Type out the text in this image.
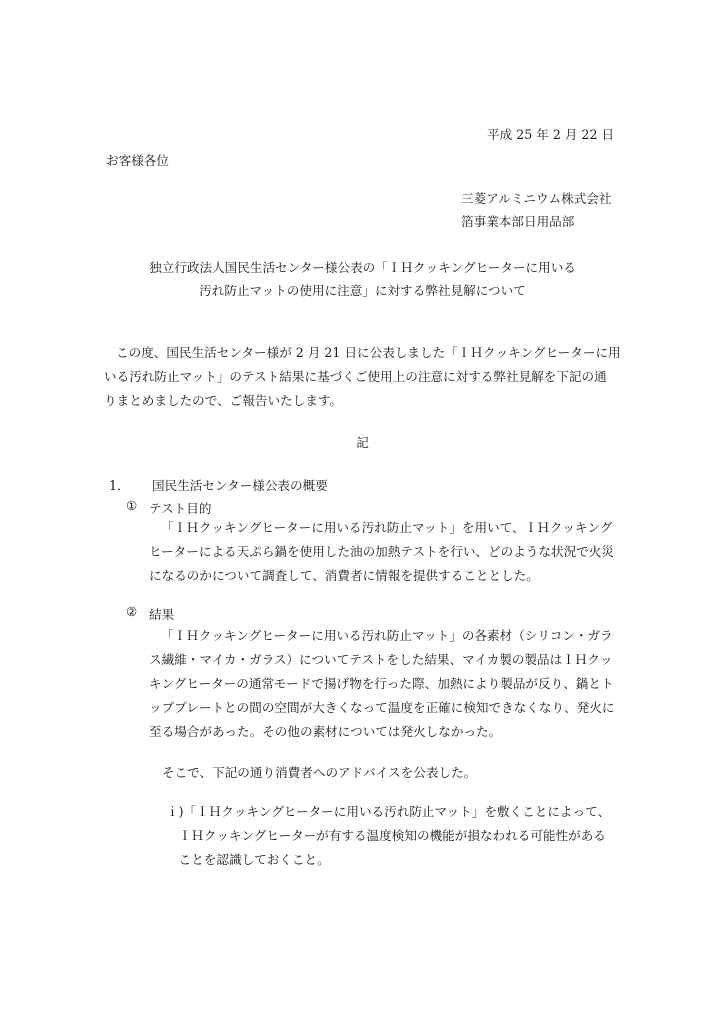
平成 25 年 2 月 22 日
お客様各位
三菱アルミニウム株式会社
箔事業本部日用品部
独立行政法人国民生活センター様公表の「ＩＨクッキングヒーターに用いる
汚れ防止マットの使用に注意」に対する弊社見解について
この度、国民生活センター様が 2 月 21 日に公表しました「ＩＨクッキングヒーターに用
いる汚れ防止マット」のテスト結果に基づくご使用上の注意に対する弊社見解を下記の通
りまとめましたので、ご報告いたします。
記
1． 国民生活センター様公表の概要
① テスト目的
「ＩＨクッキングヒーターに用いる汚れ防止マット」を用いて、ＩＨクッキング
ヒーターによる天ぷら鍋を使用した油の加熱テストを行い、どのような状況で火災
になるのかについて調査して、消費者に情報を提供することとした。
② 結果
「ＩＨクッキングヒーターに用いる汚れ防止マット」の各素材（シリコン・ガラ
ス繊維・マイカ・ガラス）についてテストをした結果、マイカ製の製品はＩＨクッ
キングヒーターの通常モードで揚げ物を行った際、加熱により製品が反り、鍋とト
ッププレートとの間の空間が大きくなって温度を正確に検知できなくなり、発火に
至る場合があった。その他の素材については発火しなかった。
そこで、下記の通り消費者へのアドバイスを公表した。
ｉ)「ＩＨクッキングヒーターに用いる汚れ防止マット」を敷くことによって、
　ＩＨクッキングヒーターが有する温度検知の機能が損なわれる可能性がある
　ことを認識しておくこと。
